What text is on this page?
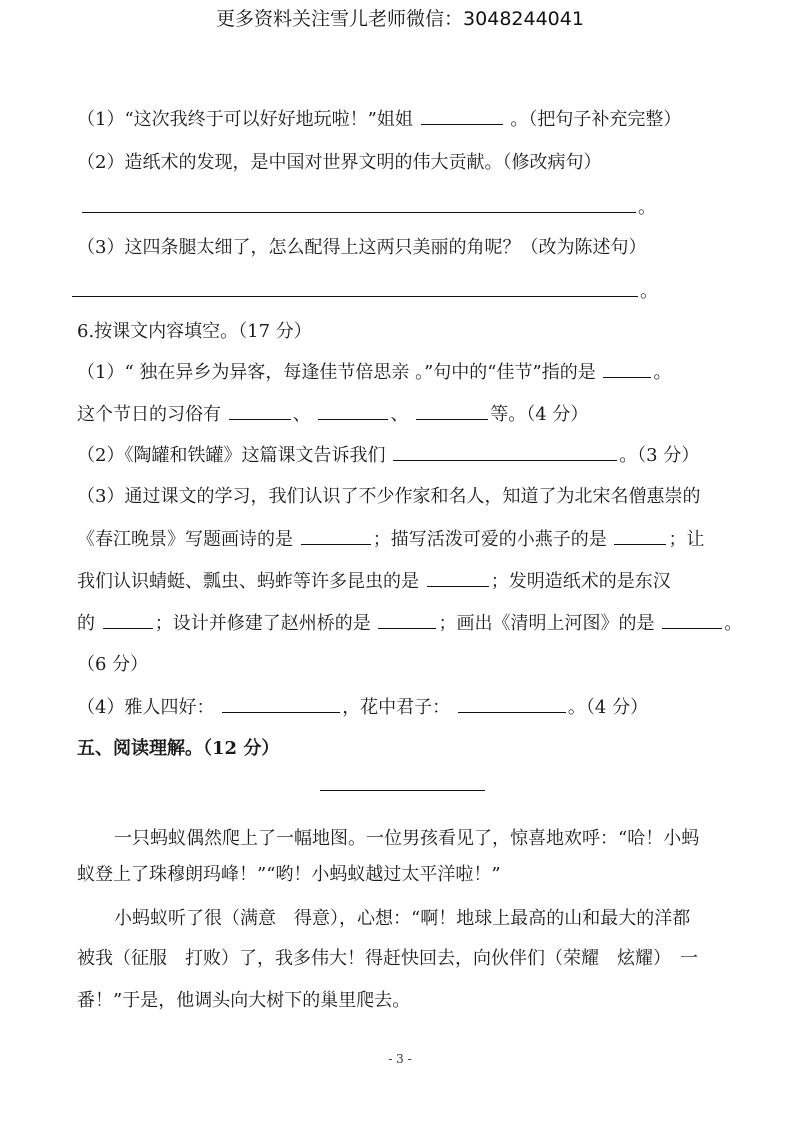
更多资料关注雪儿老师微信：3048244041
（1）“这次我终于可以好好地玩啦！”姐姐	。（把句子补充完整）
（2）造纸术的发现，是中国对世界文明的伟大贡献。（修改病句）
。
（3）这四条腿太细了，怎么配得上这两只美丽的角呢？（改为陈述句）
。
6.按课文内容填空。（17 分）
（1）“ 独在异乡为异客，每逢佳节倍思亲 。”句中的“佳节”指的是	。
这个节日的习俗有	、	、	等。（4 分）
（2）《陶罐和铁罐》这篇课文告诉我们	。（3 分）
（3）通过课文的学习，我们认识了不少作家和名人，知道了为北宋名僧惠崇的
《春江晚景》写题画诗的是	；描写活泼可爱的小燕子的是	；让
我们认识蜻蜓、瓢虫、蚂蚱等许多昆虫的是	；发明造纸术的是东汉
的	；设计并修建了赵州桥的是	；画出《清明上河图》的是	。
（6 分）
（4）雅人四好：	，花中君子：	。（4 分）
五、阅读理解。（12 分）
一只蚂蚁偶然爬上了一幅地图。一位男孩看见了，惊喜地欢呼：“哈！小蚂
蚁登上了珠穆朗玛峰！”“哟！小蚂蚁越过太平洋啦！”
小蚂蚁听了很（满意　得意），心想：“啊！地球上最高的山和最大的洋都
被我（征服　打败）了，我多伟大！得赶快回去，向伙伴们（荣耀　炫耀）　一
番！”于是，他调头向大树下的巢里爬去。
- 3 -
